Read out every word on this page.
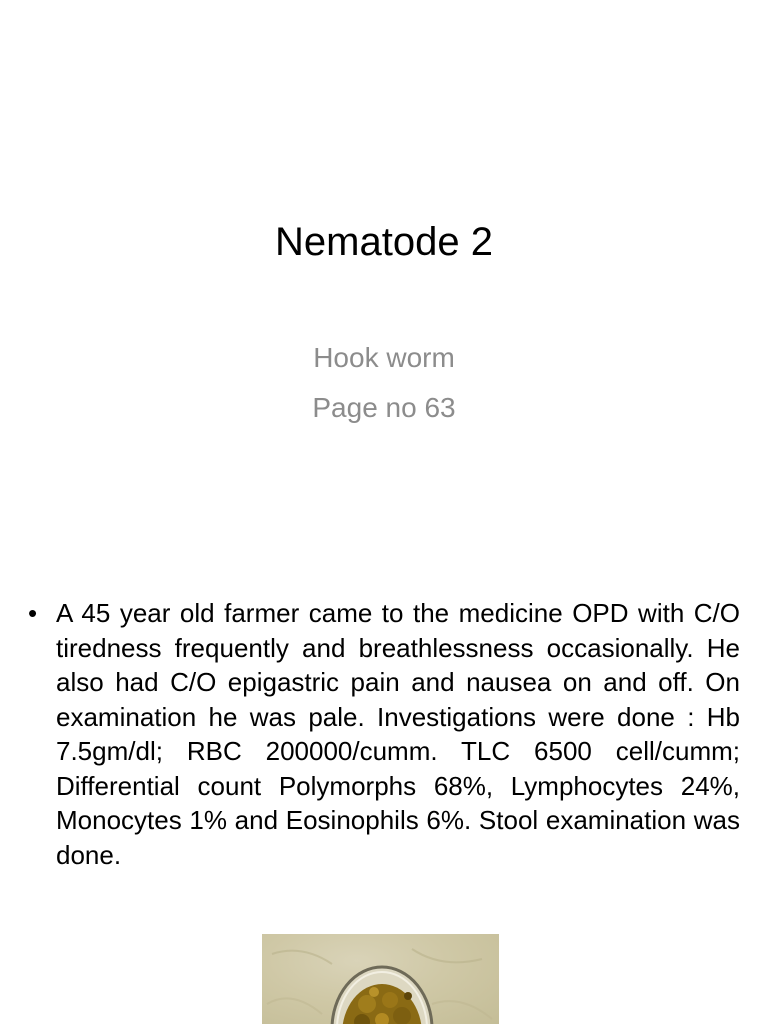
Nematode 2
Hook worm
Page no 63
• A 45 year old farmer came to the medicine OPD with C/O tiredness frequently and breathlessness occasionally. He also had C/O epigastric pain and nausea on and off. On examination he was pale. Investigations were done : Hb 7.5gm/dl; RBC 200000/cumm. TLC 6500 cell/cumm; Differential count Polymorphs 68%, Lymphocytes 24%, Monocytes 1% and Eosinophils 6%. Stool examination was done.
